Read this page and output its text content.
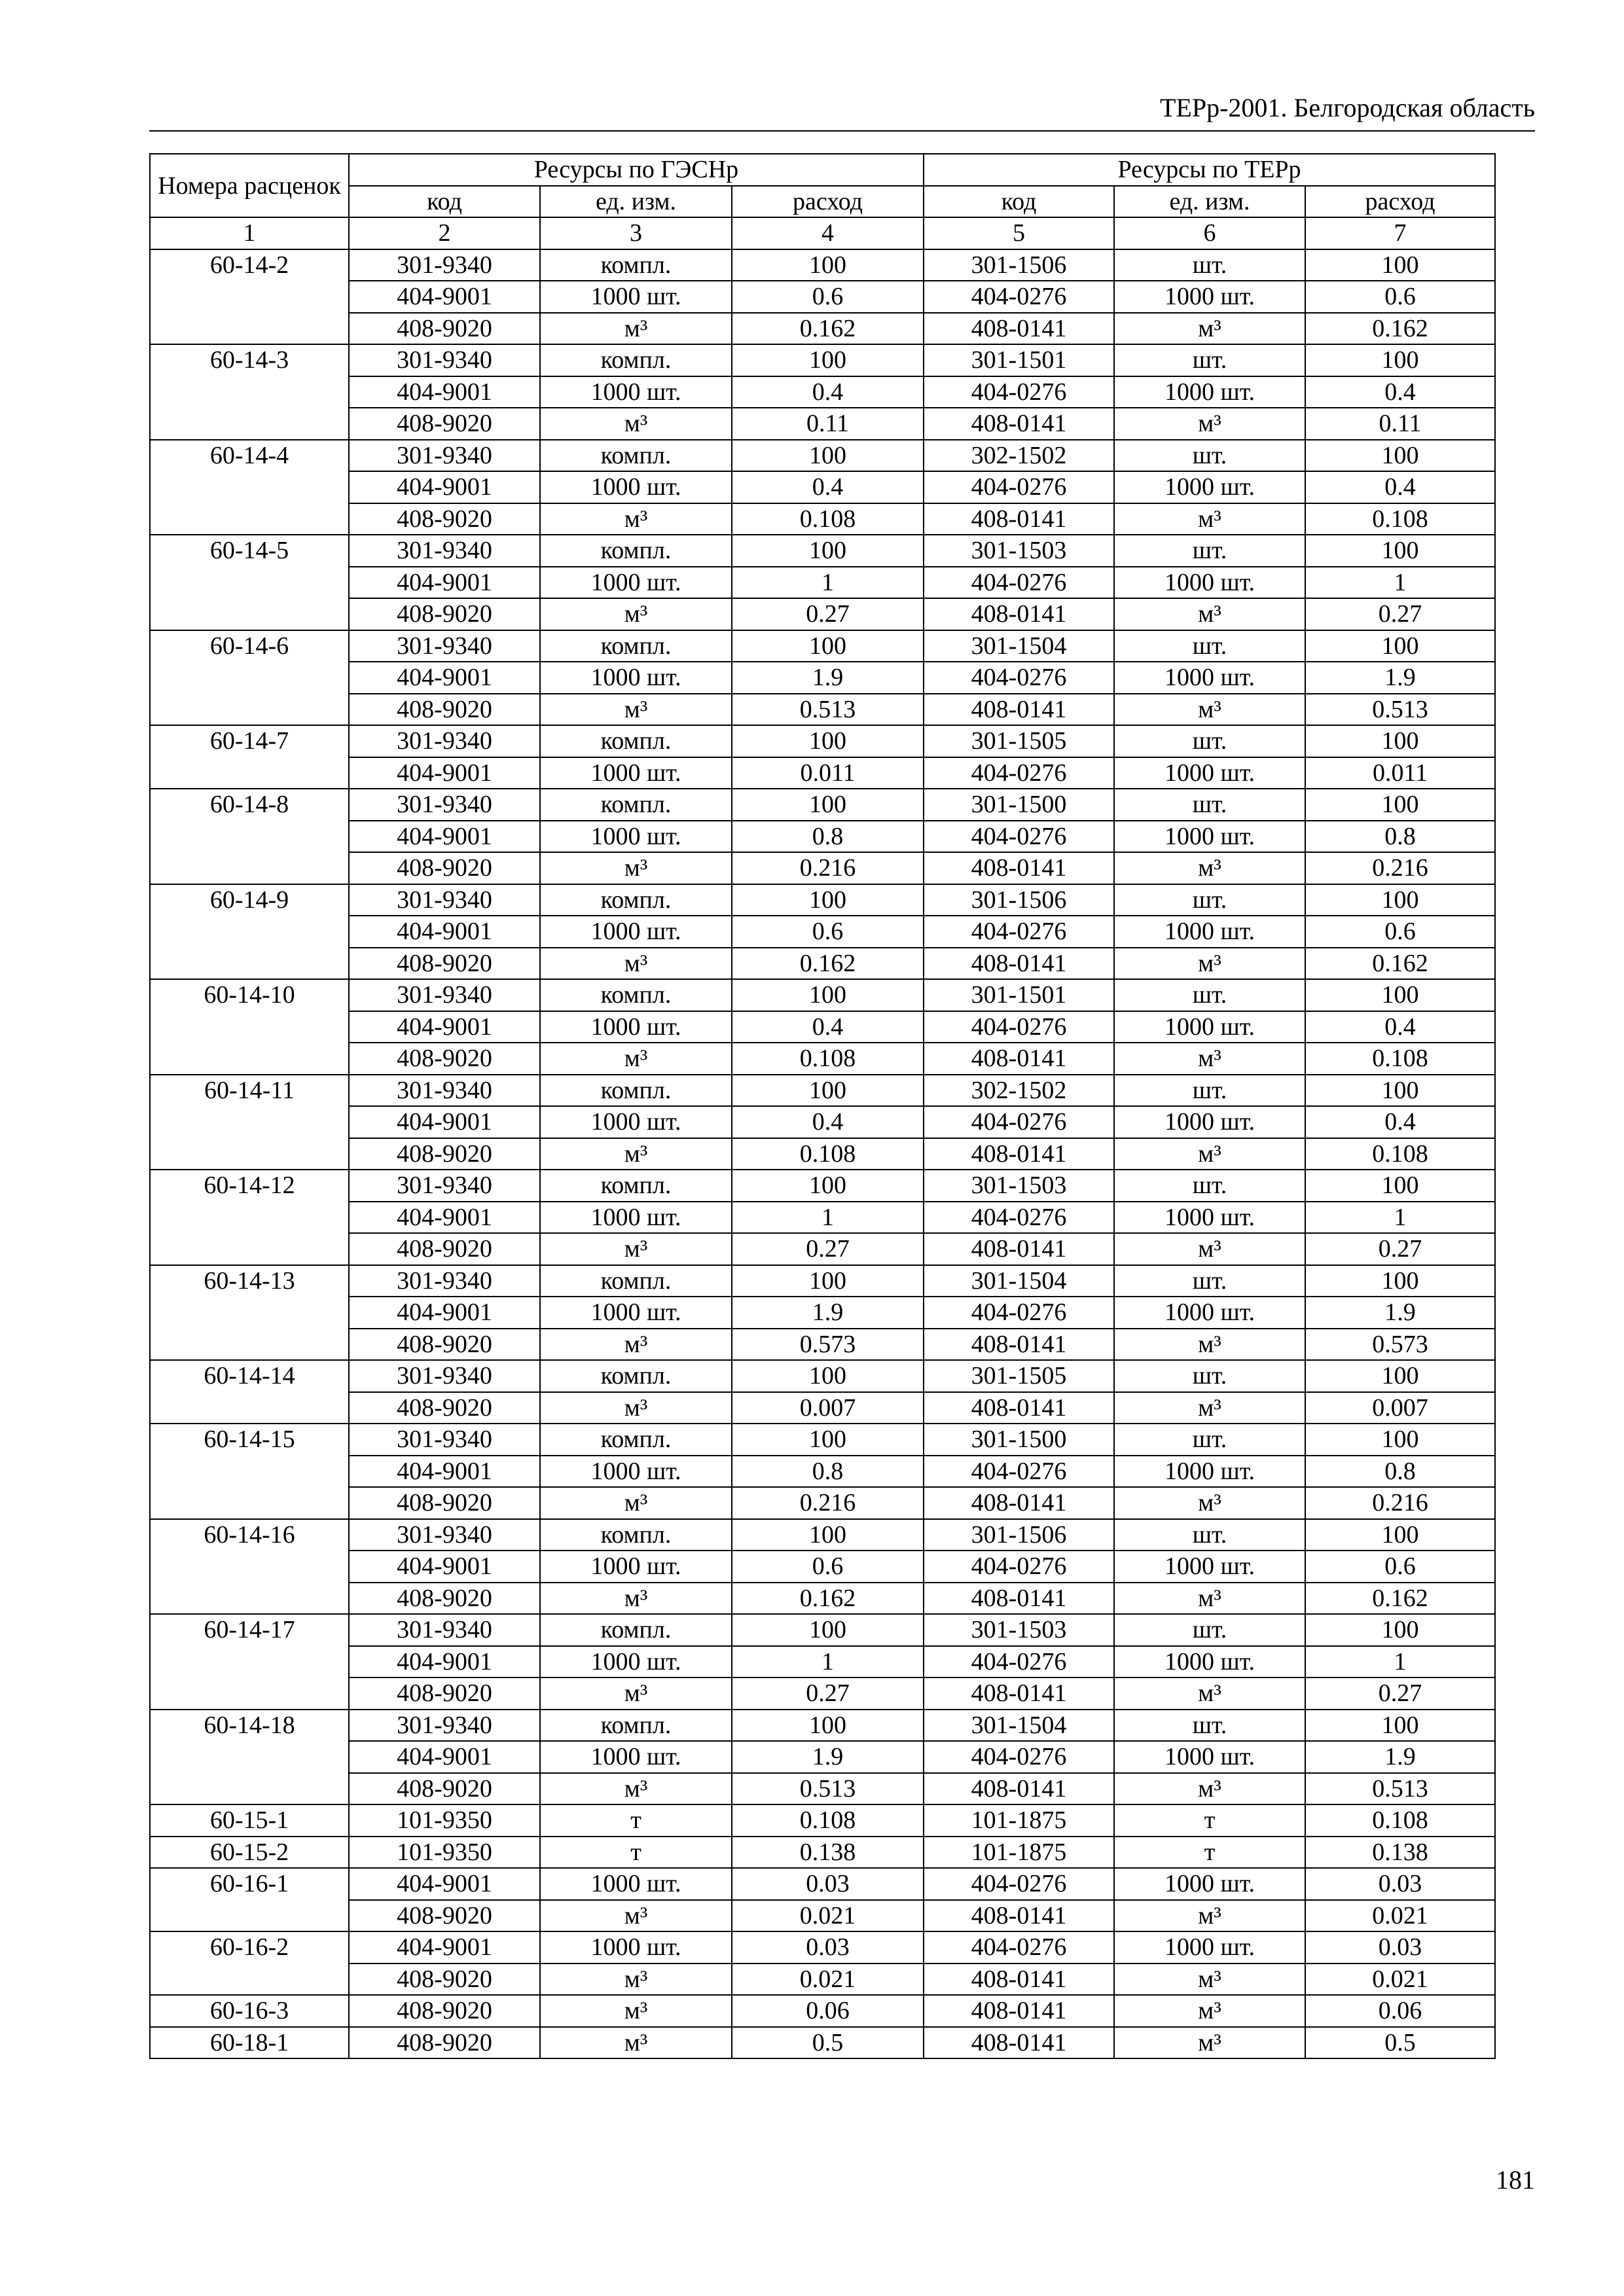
ТЕРр-2001. Белгородская область
Номера расценок	Ресурсы по ГЭСНр			Ресурсы по ТЕРр		
	код	ед. изм.	расход	код	ед. изм.	расход
1	2	3	4	5	6	7
60-14-2	301-9340	компл.	100	301-1506	шт.	100
	404-9001	1000 шт.	0.6	404-0276	1000 шт.	0.6
	408-9020	м³	0.162	408-0141	м³	0.162
60-14-3	301-9340	компл.	100	301-1501	шт.	100
	404-9001	1000 шт.	0.4	404-0276	1000 шт.	0.4
	408-9020	м³	0.11	408-0141	м³	0.11
60-14-4	301-9340	компл.	100	302-1502	шт.	100
	404-9001	1000 шт.	0.4	404-0276	1000 шт.	0.4
	408-9020	м³	0.108	408-0141	м³	0.108
60-14-5	301-9340	компл.	100	301-1503	шт.	100
	404-9001	1000 шт.	1	404-0276	1000 шт.	1
	408-9020	м³	0.27	408-0141	м³	0.27
60-14-6	301-9340	компл.	100	301-1504	шт.	100
	404-9001	1000 шт.	1.9	404-0276	1000 шт.	1.9
	408-9020	м³	0.513	408-0141	м³	0.513
60-14-7	301-9340	компл.	100	301-1505	шт.	100
	404-9001	1000 шт.	0.011	404-0276	1000 шт.	0.011
60-14-8	301-9340	компл.	100	301-1500	шт.	100
	404-9001	1000 шт.	0.8	404-0276	1000 шт.	0.8
	408-9020	м³	0.216	408-0141	м³	0.216
60-14-9	301-9340	компл.	100	301-1506	шт.	100
	404-9001	1000 шт.	0.6	404-0276	1000 шт.	0.6
	408-9020	м³	0.162	408-0141	м³	0.162
60-14-10	301-9340	компл.	100	301-1501	шт.	100
	404-9001	1000 шт.	0.4	404-0276	1000 шт.	0.4
	408-9020	м³	0.108	408-0141	м³	0.108
60-14-11	301-9340	компл.	100	302-1502	шт.	100
	404-9001	1000 шт.	0.4	404-0276	1000 шт.	0.4
	408-9020	м³	0.108	408-0141	м³	0.108
60-14-12	301-9340	компл.	100	301-1503	шт.	100
	404-9001	1000 шт.	1	404-0276	1000 шт.	1
	408-9020	м³	0.27	408-0141	м³	0.27
60-14-13	301-9340	компл.	100	301-1504	шт.	100
	404-9001	1000 шт.	1.9	404-0276	1000 шт.	1.9
	408-9020	м³	0.573	408-0141	м³	0.573
60-14-14	301-9340	компл.	100	301-1505	шт.	100
	408-9020	м³	0.007	408-0141	м³	0.007
60-14-15	301-9340	компл.	100	301-1500	шт.	100
	404-9001	1000 шт.	0.8	404-0276	1000 шт.	0.8
	408-9020	м³	0.216	408-0141	м³	0.216
60-14-16	301-9340	компл.	100	301-1506	шт.	100
	404-9001	1000 шт.	0.6	404-0276	1000 шт.	0.6
	408-9020	м³	0.162	408-0141	м³	0.162
60-14-17	301-9340	компл.	100	301-1503	шт.	100
	404-9001	1000 шт.	1	404-0276	1000 шт.	1
	408-9020	м³	0.27	408-0141	м³	0.27
60-14-18	301-9340	компл.	100	301-1504	шт.	100
	404-9001	1000 шт.	1.9	404-0276	1000 шт.	1.9
	408-9020	м³	0.513	408-0141	м³	0.513
60-15-1	101-9350	т	0.108	101-1875	т	0.108
60-15-2	101-9350	т	0.138	101-1875	т	0.138
60-16-1	404-9001	1000 шт.	0.03	404-0276	1000 шт.	0.03
	408-9020	м³	0.021	408-0141	м³	0.021
60-16-2	404-9001	1000 шт.	0.03	404-0276	1000 шт.	0.03
	408-9020	м³	0.021	408-0141	м³	0.021
60-16-3	408-9020	м³	0.06	408-0141	м³	0.06
60-18-1	408-9020	м³	0.5	408-0141	м³	0.5
181
